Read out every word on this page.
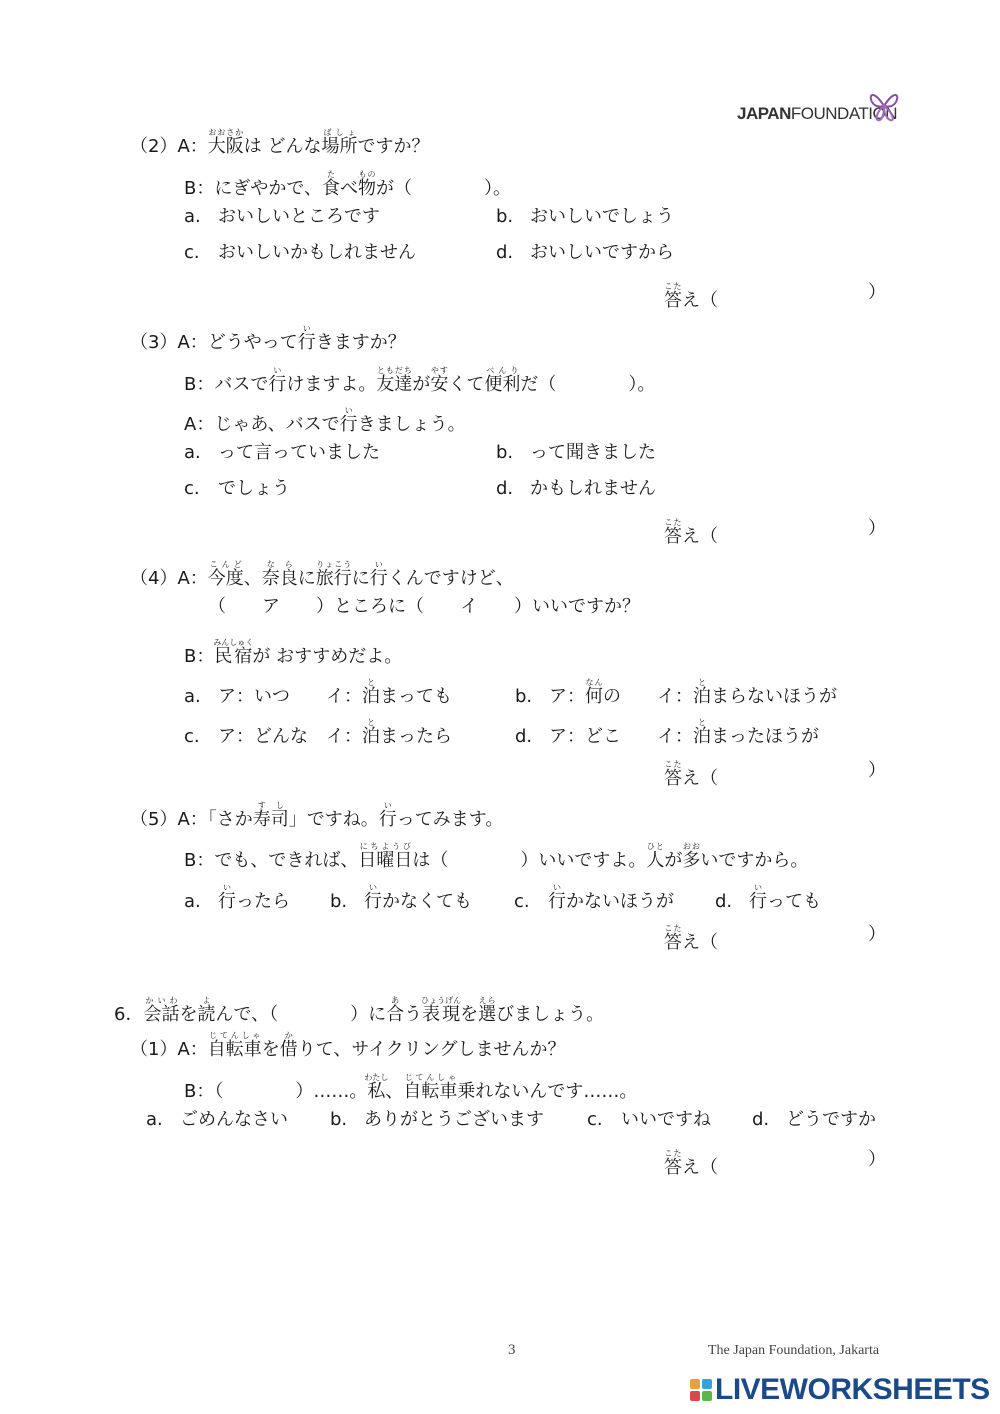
JAPANFOUNDATION
（2）A：大阪おおさかは どんな場所ばしょですか？
B：にぎやかで、食たべ物ものが（　　　　）。
a. おいしいところです	b. おいしいでしょう
c. おいしいかもしれません	d. おいしいですから
答こたえ（	）
（3）A：どうやって行いきますか？
B：バスで行いけますよ。友達ともだちが安やすくて便利べんりだ（　　　　）。
A：じゃあ、バスで行いきましょう。
a. って言っていました	b. って聞きました
c. でしょう	d. かもしれません
答こたえ（	）
（4）A：今度こんど、奈良ならに旅行りょこうに行いくんですけど、
（　　ア　　）ところに（　　イ　　）いいですか？
B：民宿みんしゅくが おすすめだよ。
a. ア：いつ　　イ：泊とまっても	b. ア：何なんの　　イ：泊とまらないほうが
c. ア：どんな　イ：泊とまったら	d. ア：どこ　　イ：泊とまったほうが
答こたえ（	）
（5）A：「さか寿司すし」ですね。行いってみます。
B：でも、できれば、日曜日にちようびは（　　　　）いいですよ。人ひとが多おおいですから。
a. 行いったら b. 行いかなくても c. 行いかないほうが d. 行いっても
答こたえ（	）
6．会話かいわを読よんで、（　　　　）に合あう表現ひょうげんを選えらびましょう。
（1）A：自転車じてんしゃを借かりて、サイクリングしませんか？
B：（　　　　）……。私わたし、自転車じてんしゃ乗れないんです……。
a. ごめんなさい b. ありがとうございます c. いいですね d. どうですか
答こたえ（	）
3	The Japan Foundation, Jakarta
LIVEWORKSHEETS
